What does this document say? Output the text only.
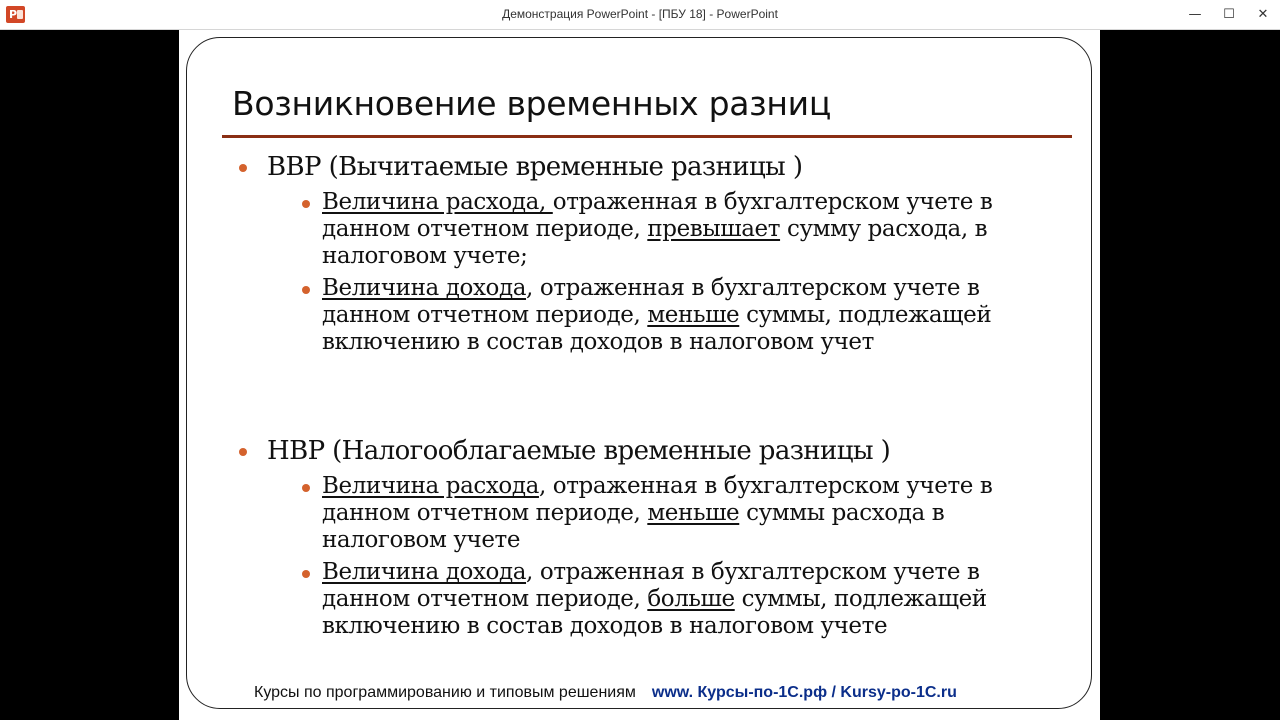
P	Демонстрация PowerPoint - [ПБУ 18] - PowerPoint	—	☐	✕
Возникновение временных разниц
ВВР (Вычитаемые временные разницы )
Величина расхода, отраженная в бухгалтерском учете в данном отчетном периоде, превышает сумму расхода, в налоговом учете;
Величина дохода, отраженная в бухгалтерском учете в данном отчетном периоде, меньше суммы, подлежащей включению в состав доходов в налоговом учет
НВР (Налогооблагаемые временные разницы )
Величина расхода, отраженная в бухгалтерском учете в данном отчетном периоде, меньше суммы расхода в налоговом учете
Величина дохода, отраженная в бухгалтерском учете в данном отчетном периоде, больше суммы, подлежащей включению в состав доходов в налоговом учете
Курсы по программированию и типовым решениям www. Курсы-по-1С.рф / Kursy-po-1C.ru
